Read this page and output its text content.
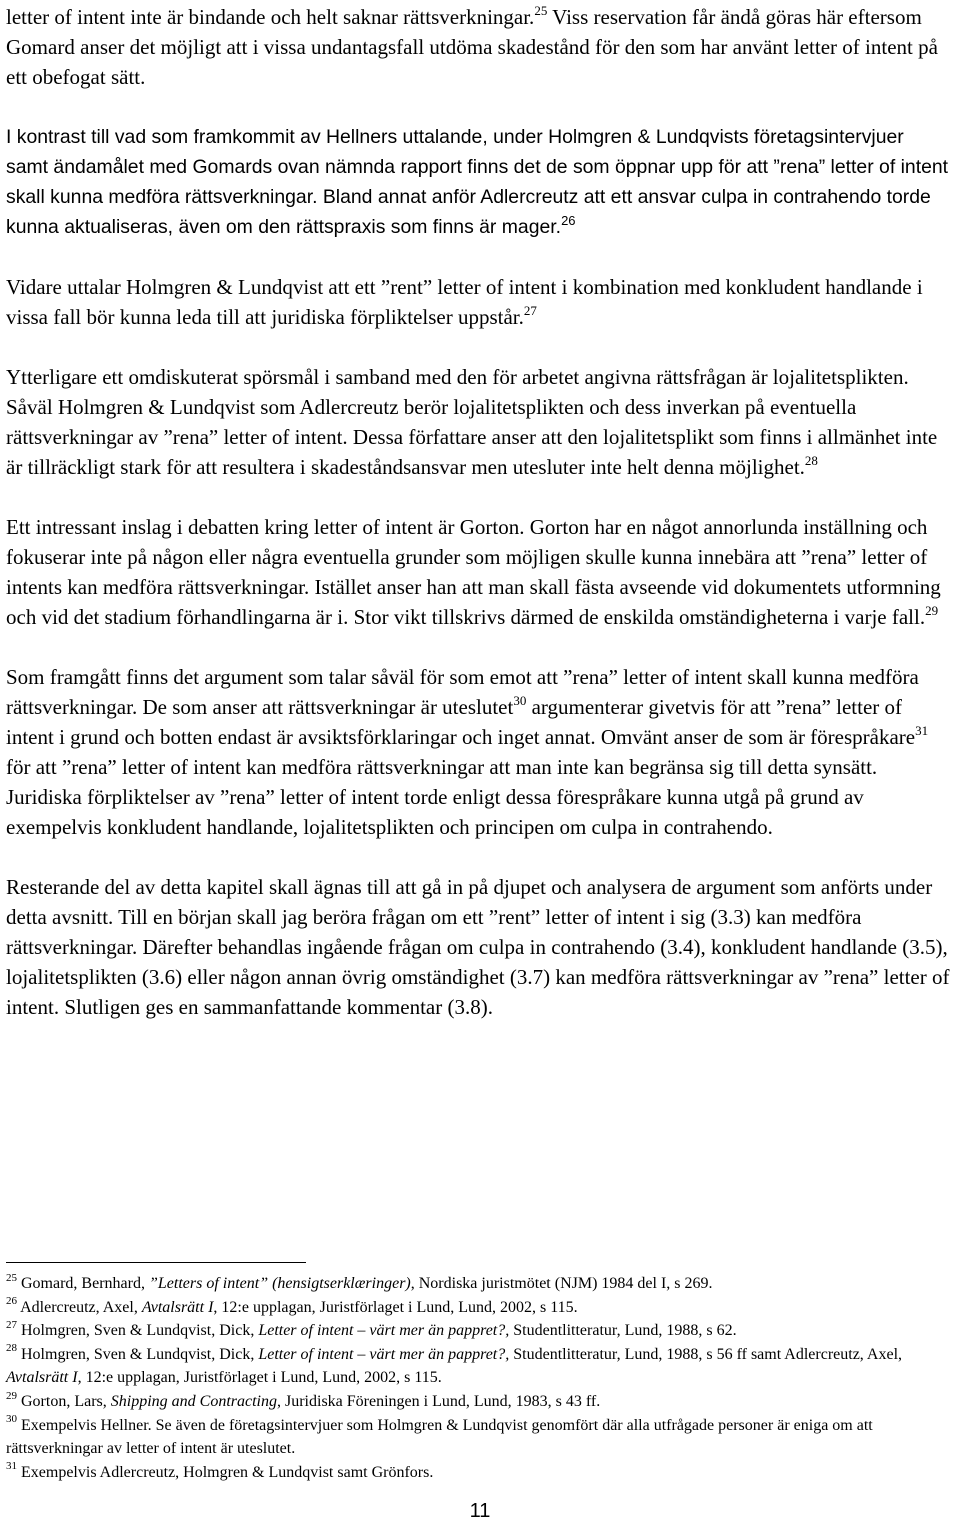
letter of intent inte är bindande och helt saknar rättsverkningar.$^{25}$ Viss reservation får ändå göras här eftersom Gomard anser det möjligt att i vissa undantagsfall utdöma skadestånd för den som har använt letter of intent på ett obefogat sätt.

I kontrast till vad som framkommit av Hellners uttalande, under Holmgren & Lundqvists företagsintervjuer samt ändamålet med Gomards ovan nämnda rapport finns det de som öppnar upp för att ”rena” letter of intent skall kunna medföra rättsverkningar. Bland annat anför Adlercreutz att ett ansvar culpa in contrahendo torde kunna aktualiseras, även om den rättspraxis som finns är mager.$^{26}$

Vidare uttalar Holmgren & Lundqvist att ett ”rent” letter of intent i kombination med konkludent handlande i vissa fall bör kunna leda till att juridiska förpliktelser uppstår.$^{27}$

Ytterligare ett omdiskuterat spörsmål i samband med den för arbetet angivna rättsfrågan är lojalitetsplikten. Såväl Holmgren & Lundqvist som Adlercreutz berör lojalitetsplikten och dess inverkan på eventuella rättsverkningar av ”rena” letter of intent. Dessa författare anser att den lojalitetsplikt som finns i allmänhet inte är tillräckligt stark för att resultera i skadeståndsansvar men utesluter inte helt denna möjlighet.$^{28}$

Ett intressant inslag i debatten kring letter of intent är Gorton. Gorton har en något annorlunda inställning och fokuserar inte på någon eller några eventuella grunder som möjligen skulle kunna innebära att ”rena” letter of intents kan medföra rättsverkningar. Istället anser han att man skall fästa avseende vid dokumentets utformning och vid det stadium förhandlingarna är i. Stor vikt tillskrivs därmed de enskilda omständigheterna i varje fall.$^{29}$

Som framgått finns det argument som talar såväl för som emot att ”rena” letter of intent skall kunna medföra rättsverkningar. De som anser att rättsverkningar är uteslutet$^{30}$ argumenterar givetvis för att ”rena” letter of intent i grund och botten endast är avsiktsförklaringar och inget annat. Omvänt anser de som är förespråkare$^{31}$ för att ”rena” letter of intent kan medföra rättsverkningar att man inte kan begränsa sig till detta synsätt. Juridiska förpliktelser av ”rena” letter of intent torde enligt dessa förespråkare kunna utgå på grund av exempelvis konkludent handlande, lojalitetsplikten och principen om culpa in contrahendo.

Resterande del av detta kapitel skall ägnas till att gå in på djupet och analysera de argument som anförts under detta avsnitt. Till en början skall jag beröra frågan om ett ”rent” letter of intent i sig (3.3) kan medföra rättsverkningar. Därefter behandlas ingående frågan om culpa in contrahendo (3.4), konkludent handlande (3.5), lojalitetsplikten (3.6) eller någon annan övrig omständighet (3.7) kan medföra rättsverkningar av ”rena” letter of intent. Slutligen ges en sammanfattande kommentar (3.8).

$^{25}$ Gomard, Bernhard, ”Letters of intent” (hensigtserklæringer), Nordiska juristmötet (NJM) 1984 del I, s 269.

$^{26}$ Adlercreutz, Axel, Avtalsrätt I, 12:e upplagan, Juristförlaget i Lund, Lund, 2002, s 115.

$^{27}$ Holmgren, Sven & Lundqvist, Dick, Letter of intent – värt mer än pappret?, Studentlitteratur, Lund, 1988, s 62.

$^{28}$ Holmgren, Sven & Lundqvist, Dick, Letter of intent – värt mer än pappret?, Studentlitteratur, Lund, 1988, s 56 ff samt Adlercreutz, Axel, Avtalsrätt I, 12:e upplagan, Juristförlaget i Lund, Lund, 2002, s 115.

$^{29}$ Gorton, Lars, Shipping and Contracting, Juridiska Föreningen i Lund, Lund, 1983, s 43 ff.

$^{30}$ Exempelvis Hellner. Se även de företagsintervjuer som Holmgren & Lundqvist genomfört där alla utfrågade personer är eniga om att rättsverkningar av letter of intent är uteslutet.

$^{31}$ Exempelvis Adlercreutz, Holmgren & Lundqvist samt Grönfors.

11
